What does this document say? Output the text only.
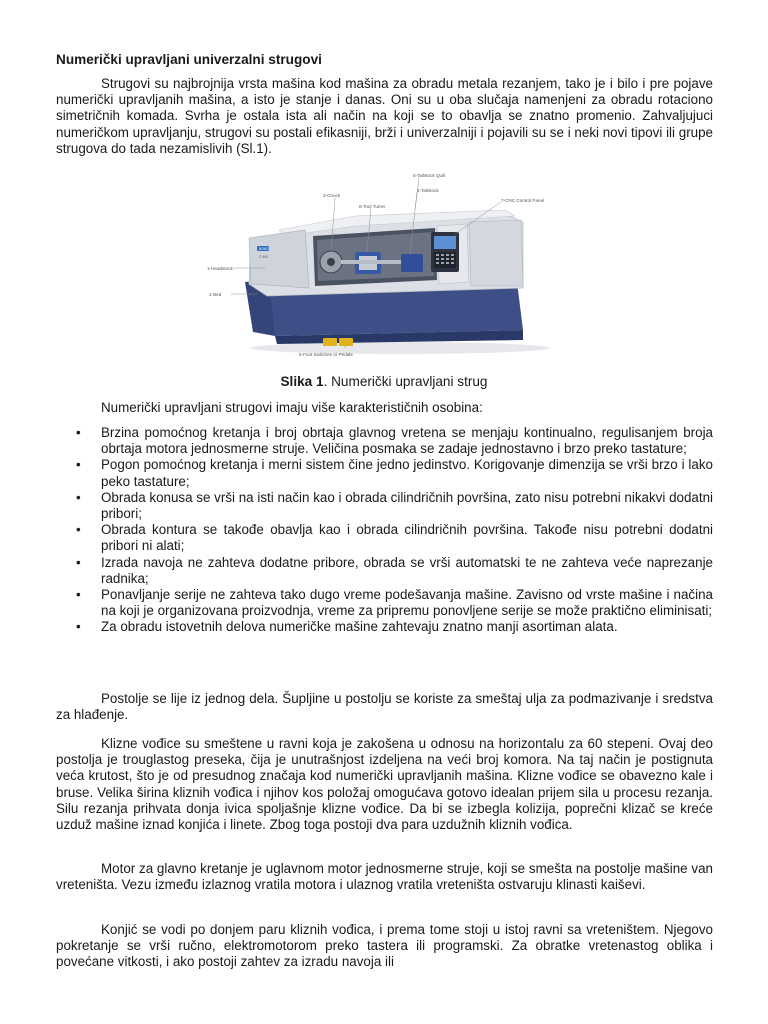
Numerički upravljani univerzalni strugovi

Strugovi su najbrojnija vrsta mašina kod mašina za obradu metala rezanjem, tako je i bilo i pre pojave numerički upravljanih mašina, a isto je stanje i danas. Oni su u oba slučaja namenjeni za obradu rotaciono simetričnih komada. Svrha je ostala ista ali način na koji se to obavlja se znatno promenio. Zahvaljujuci numeričkom upravljanju, strugovi su postali efikasniji, brži i univerzalniji i pojavili su se i neki novi tipovi ili grupe strugova do tada nezamislivih (Sl.1).

BOKO
C 400
1-Headstock
2-Bed
3-Chuck
4-Tailstock
5-Tailstock Quill
6-Foot Switches or Pedals
7-CNC Control Panel
8-Tool Turret
Slika 1. Numerički upravljani strug

Numerički upravljani strugovi imaju više karakterističnih osobina:

• Brzina pomoćnog kretanja i broj obrtaja glavnog vretena se menjaju kontinualno, regulisanjem broja obrtaja motora jednosmerne struje. Veličina posmaka se zadaje jednostavno i brzo preko tastature;
• Pogon pomoćnog kretanja i merni sistem čine jedno jedinstvo. Korigovanje dimenzija se vrši brzo i lako peko tastature;
• Obrada konusa se vrši na isti način kao i obrada cilindričnih površina, zato nisu potrebni nikakvi dodatni pribori;
• Obrada kontura se takođe obavlja kao i obrada cilindričnih površina. Takođe nisu potrebni dodatni pribori ni alati;
• Izrada navoja ne zahteva dodatne pribore, obrada se vrši automatski te ne zahteva veće naprezanje radnika;
• Ponavljanje serije ne zahteva tako dugo vreme podešavanja mašine. Zavisno od vrste mašine i načina na koji je organizovana proizvodnja, vreme za pripremu ponovljene serije se može praktično eliminisati;
• Za obradu istovetnih delova numeričke mašine zahtevaju znatno manji asortiman alata.

Postolje se lije iz jednog dela. Šupljine u postolju se koriste za smeštaj ulja za podmazivanje i sredstva za hlađenje.

Klizne vođice su smeštene u ravni koja je zakošena u odnosu na horizontalu za 60 stepeni. Ovaj deo postolja je trouglastog preseka, čija je unutrašnjost izdeljena na veći broj komora. Na taj način je postignuta veća krutost, što je od presudnog značaja kod numerički upravljanih mašina. Klizne vođice se obavezno kale i bruse. Velika širina kliznih vođica i njihov kos položaj omogućava gotovo idealan prijem sila u procesu rezanja. Silu rezanja prihvata donja ivica spoljašnje klizne vođice. Da bi se izbegla kolizija, poprečni klizač se kreće uzduž mašine iznad konjića i linete. Zbog toga postoji dva para uzdužnih kliznih vođica.

Motor za glavno kretanje je uglavnom motor jednosmerne struje, koji se smešta na postolje mašine van vreteništa. Vezu između izlaznog vratila motora i ulaznog vratila vreteništa ostvaruju klinasti kaiševi.

Konjić se vodi po donjem paru kliznih vođica, i prema tome stoji u istoj ravni sa vreteništem. Njegovo pokretanje se vrši ručno, elektromotorom preko tastera ili programski. Za obratke vretenastog oblika i povećane vitkosti, i ako postoji zahtev za izradu navoja ili
